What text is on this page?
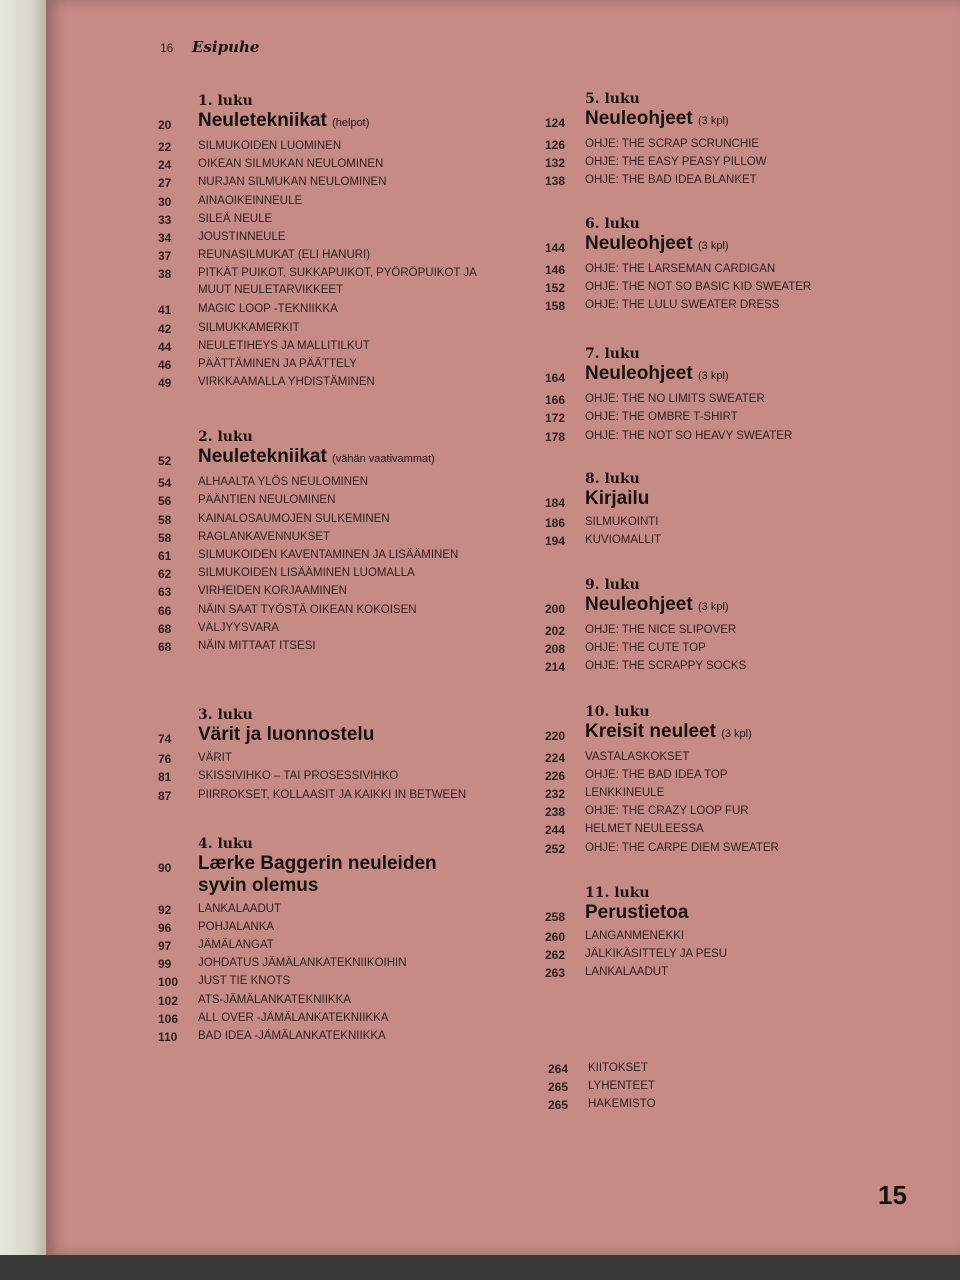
16	Esipuhe
1. luku
20	Neuletekniikat (helpot)
22	SILMUKOIDEN LUOMINEN
24	OIKEAN SILMUKAN NEULOMINEN
27	NURJAN SILMUKAN NEULOMINEN
30	AINAOIKEINNEULE
33	SILEÄ NEULE
34	JOUSTINNEULE
37	REUNASILMUKAT (ELI HANURI)
38	PITKÄT PUIKOT, SUKKAPUIKOT, PYÖRÖPUIKOT JA MUUT NEULETARVIKKEET
41	MAGIC LOOP -TEKNIIKKA
42	SILMUKKAMERKIT
44	NEULETIHEYS JA MALLITILKUT
46	PÄÄTTÄMINEN JA PÄÄTTELY
49	VIRKKAAMALLA YHDISTÄMINEN
2. luku
52	Neuletekniikat (vähän vaativammat)
54	ALHAALTA YLÖS NEULOMINEN
56	PÄÄNTIEN NEULOMINEN
58	KAINALOSAUMOJEN SULKEMINEN
58	RAGLANKAVENNUKSET
61	SILMUKOIDEN KAVENTAMINEN JA LISÄÄMINEN
62	SILMUKOIDEN LISÄÄMINEN LUOMALLA
63	VIRHEIDEN KORJAAMINEN
66	NÄIN SAAT TYÖSTÄ OIKEAN KOKOISEN
68	VÄLJYYSVARA
68	NÄIN MITTAAT ITSESI
3. luku
74	Värit ja luonnostelu
76	VÄRIT
81	SKISSIVIHKO – TAI PROSESSIVIHKO
87	PIIRROKSET, KOLLAASIT JA KAIKKI IN BETWEEN
4. luku
90	Lærke Baggerin neuleiden syvin olemus
92	LANKALAADUT
96	POHJALANKA
97	JÄMÄLANGAT
99	JOHDATUS JÄMÄLANKATEKNIIKOIHIN
100	JUST TIE KNOTS
102	ATS-JÄMÄLANKATEKNIIKKA
106	ALL OVER -JÄMÄLANKATEKNIIKKA
110	BAD IDEA -JÄMÄLANKATEKNIIKKA
5. luku
124	Neuleohjeet (3 kpl)
126	OHJE: THE SCRAP SCRUNCHIE
132	OHJE: THE EASY PEASY PILLOW
138	OHJE: THE BAD IDEA BLANKET
6. luku
144	Neuleohjeet (3 kpl)
146	OHJE: THE LARSEMAN CARDIGAN
152	OHJE: THE NOT SO BASIC KID SWEATER
158	OHJE: THE LULU SWEATER DRESS
7. luku
164	Neuleohjeet (3 kpl)
166	OHJE: THE NO LIMITS SWEATER
172	OHJE: THE OMBRE T-SHIRT
178	OHJE: THE NOT SO HEAVY SWEATER
8. luku
184	Kirjailu
186	SILMUKOINTI
194	KUVIOMALLIT
9. luku
200	Neuleohjeet (3 kpl)
202	OHJE: THE NICE SLIPOVER
208	OHJE: THE CUTE TOP
214	OHJE: THE SCRAPPY SOCKS
10. luku
220	Kreisit neuleet (3 kpl)
224	VASTALASKOKSET
226	OHJE: THE BAD IDEA TOP
232	LENKKINEULE
238	OHJE: THE CRAZY LOOP FUR
244	HELMET NEULEESSA
252	OHJE: THE CARPE DIEM SWEATER
11. luku
258	Perustietoa
260	LANGANMENEKKI
262	JÄLKIKÄSITTELY JA PESU
263	LANKALAADUT
264	KIITOKSET
265	LYHENTEET
265	HAKEMISTO
15
